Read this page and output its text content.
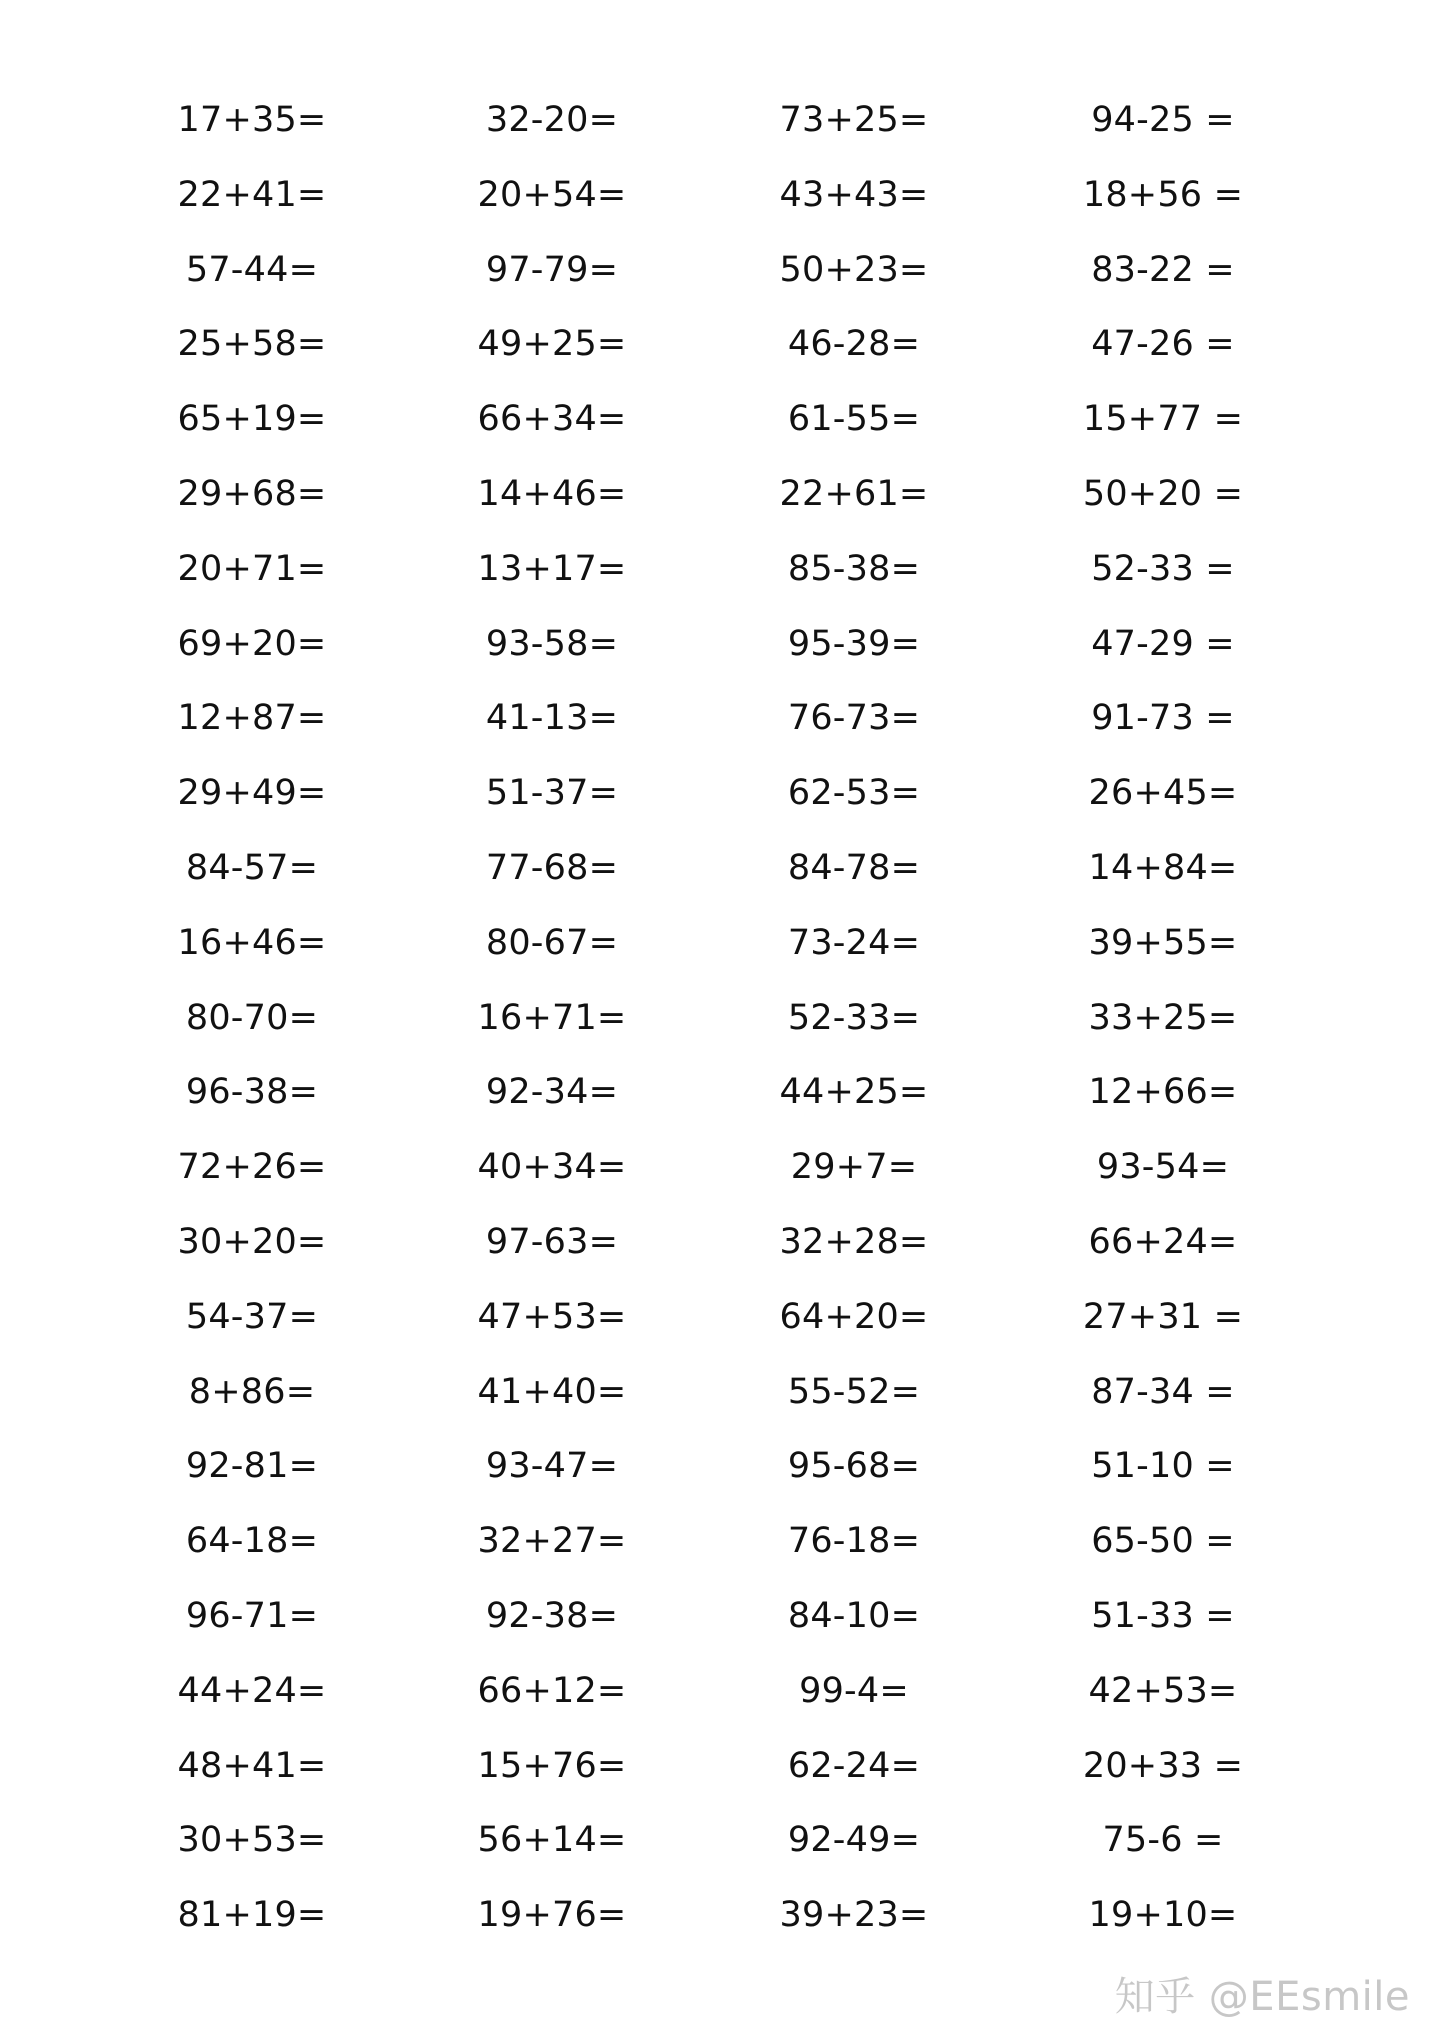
17+35=	32-20=	73+25=	94-25 =
22+41=	20+54=	43+43=	18+56 =
57-44=	97-79=	50+23=	83-22 =
25+58=	49+25=	46-28=	47-26 =
65+19=	66+34=	61-55=	15+77 =
29+68=	14+46=	22+61=	50+20 =
20+71=	13+17=	85-38=	52-33 =
69+20=	93-58=	95-39=	47-29 =
12+87=	41-13=	76-73=	91-73 =
29+49=	51-37=	62-53=	26+45=
84-57=	77-68=	84-78=	14+84=
16+46=	80-67=	73-24=	39+55=
80-70=	16+71=	52-33=	33+25=
96-38=	92-34=	44+25=	12+66=
72+26=	40+34=	29+7=	93-54=
30+20=	97-63=	32+28=	66+24=
54-37=	47+53=	64+20=	27+31 =
8+86=	41+40=	55-52=	87-34 =
92-81=	93-47=	95-68=	51-10 =
64-18=	32+27=	76-18=	65-50 =
96-71=	92-38=	84-10=	51-33 =
44+24=	66+12=	99-4=	42+53=
48+41=	15+76=	62-24=	20+33 =
30+53=	56+14=	92-49=	75-6 =
81+19=	19+76=	39+23=	19+10=
知乎 @EEsmile
